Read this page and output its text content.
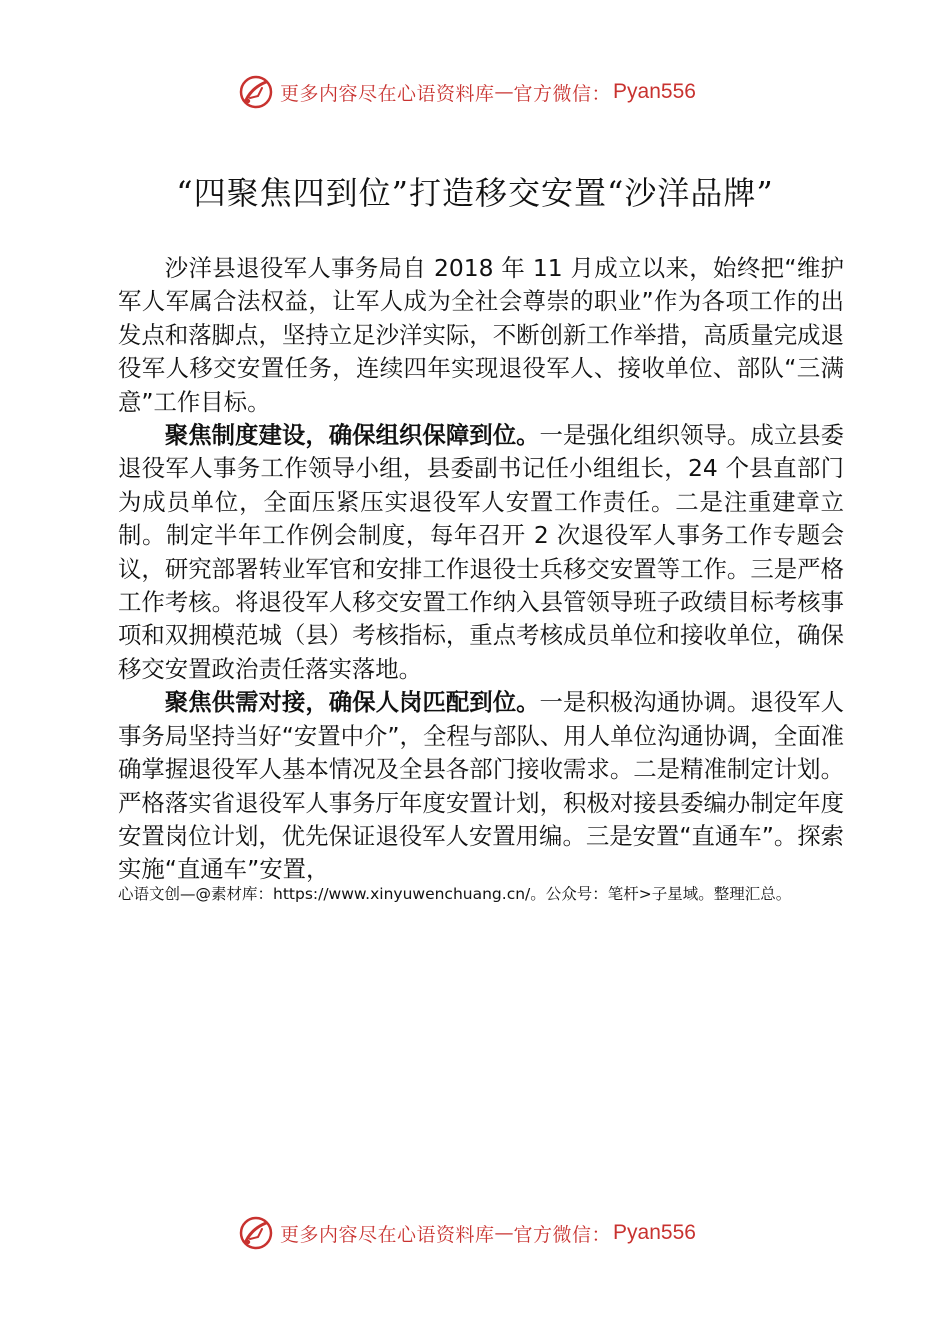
更多内容尽在心语资料库 — 官方微信： Pyan556
“四聚焦四到位”打造移交安置“沙洋品牌”

沙洋县退役军人事务局自 2018 年 11 月成立以来，始终把“维护军人军属合法权益，让军人成为全社会尊崇的职业”作为各项工作的出发点和落脚点，坚持立足沙洋实际，不断创新工作举措，高质量完成退役军人移交安置任务，连续四年实现退役军人、接收单位、部队“三满意”工作目标。

聚焦制度建设，确保组织保障到位。一是强化组织领导。成立县委退役军人事务工作领导小组，县委副书记任小组组长，24 个县直部门为成员单位，全面压紧压实退役军人安置工作责任。二是注重建章立制。制定半年工作例会制度，每年召开 2 次退役军人事务工作专题会议，研究部署转业军官和安排工作退役士兵移交安置等工作。三是严格工作考核。将退役军人移交安置工作纳入县管领导班子政绩目标考核事项和双拥模范城（县）考核指标，重点考核成员单位和接收单位，确保移交安置政治责任落实落地。

聚焦供需对接，确保人岗匹配到位。一是积极沟通协调。退役军人事务局坚持当好“安置中介”，全程与部队、用人单位沟通协调，全面准确掌握退役军人基本情况及全县各部门接收需求。二是精准制定计划。严格落实省退役军人事务厅年度安置计划，积极对接县委编办制定年度安置岗位计划，优先保证退役军人安置用编。三是安置“直通车”。探索实施“直通车”安置，

心语文创—@素材库：https://www.xinyuwenchuang.cn/。公众号：笔杆>子星域。整理汇总。
更多内容尽在心语资料库 — 官方微信： Pyan556
